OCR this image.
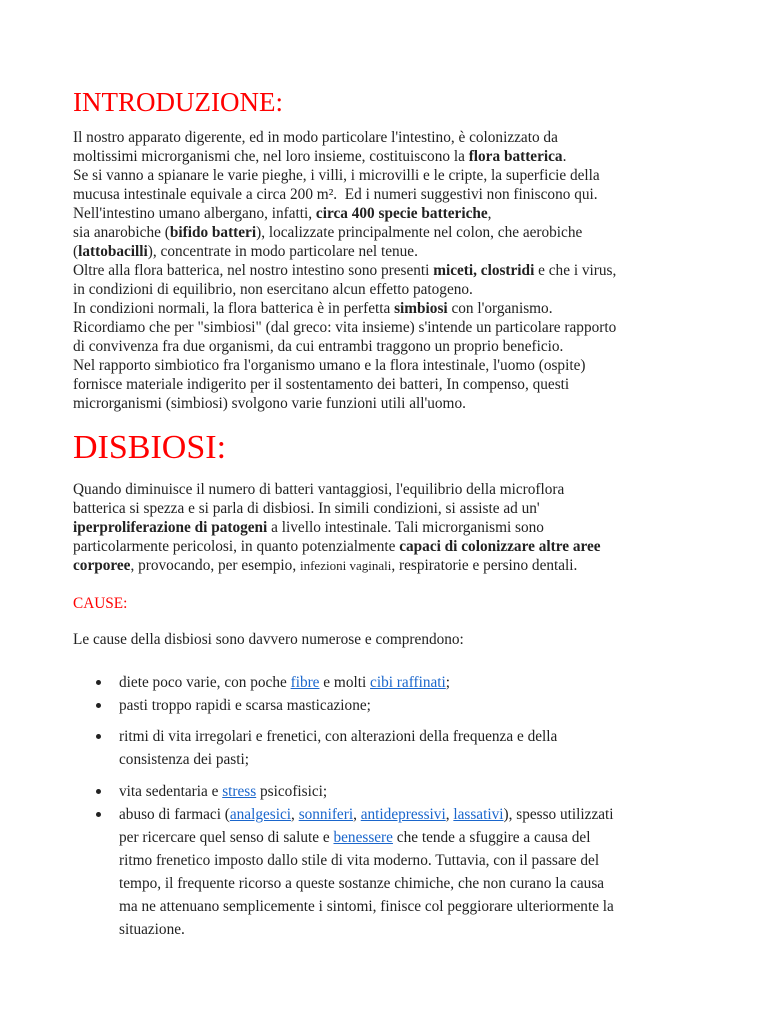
INTRODUZIONE:

Il nostro apparato digerente, ed in modo particolare l'intestino, è colonizzato da
moltissimi microrganismi che, nel loro insieme, costituiscono la flora batterica.
Se si vanno a spianare le varie pieghe, i villi, i microvilli e le cripte, la superficie della
mucusa intestinale equivale a circa 200 m².  Ed i numeri suggestivi non finiscono qui.
Nell'intestino umano albergano, infatti, circa 400 specie batteriche,
sia anarobiche (bifido batteri), localizzate principalmente nel colon, che aerobiche
(lattobacilli), concentrate in modo particolare nel tenue.
Oltre alla flora batterica, nel nostro intestino sono presenti miceti, clostridi e che i virus,
in condizioni di equilibrio, non esercitano alcun effetto patogeno.
In condizioni normali, la flora batterica è in perfetta simbiosi con l'organismo.
Ricordiamo che per "simbiosi" (dal greco: vita insieme) s'intende un particolare rapporto
di convivenza fra due organismi, da cui entrambi traggono un proprio beneficio.
Nel rapporto simbiotico fra l'organismo umano e la flora intestinale, l'uomo (ospite)
fornisce materiale indigerito per il sostentamento dei batteri, In compenso, questi
microrganismi (simbiosi) svolgono varie funzioni utili all'uomo.

DISBIOSI:

Quando diminuisce il numero di batteri vantaggiosi, l'equilibrio della microflora
batterica si spezza e si parla di disbiosi. In simili condizioni, si assiste ad un'
iperproliferazione di patogeni a livello intestinale. Tali microrganismi sono
particolarmente pericolosi, in quanto potenzialmente capaci di colonizzare altre aree
corporee, provocando, per esempio, infezioni vaginali, respiratorie e persino dentali.

CAUSE:

Le cause della disbiosi sono davvero numerose e comprendono:

diete poco varie, con poche fibre e molti cibi raffinati;
pasti troppo rapidi e scarsa masticazione;
ritmi di vita irregolari e frenetici, con alterazioni della frequenza e della
consistenza dei pasti;
vita sedentaria e stress psicofisici;
abuso di farmaci (analgesici, sonniferi, antidepressivi, lassativi), spesso utilizzati
per ricercare quel senso di salute e benessere che tende a sfuggire a causa del
ritmo frenetico imposto dallo stile di vita moderno. Tuttavia, con il passare del
tempo, il frequente ricorso a queste sostanze chimiche, che non curano la causa
ma ne attenuano semplicemente i sintomi, finisce col peggiorare ulteriormente la
situazione.
